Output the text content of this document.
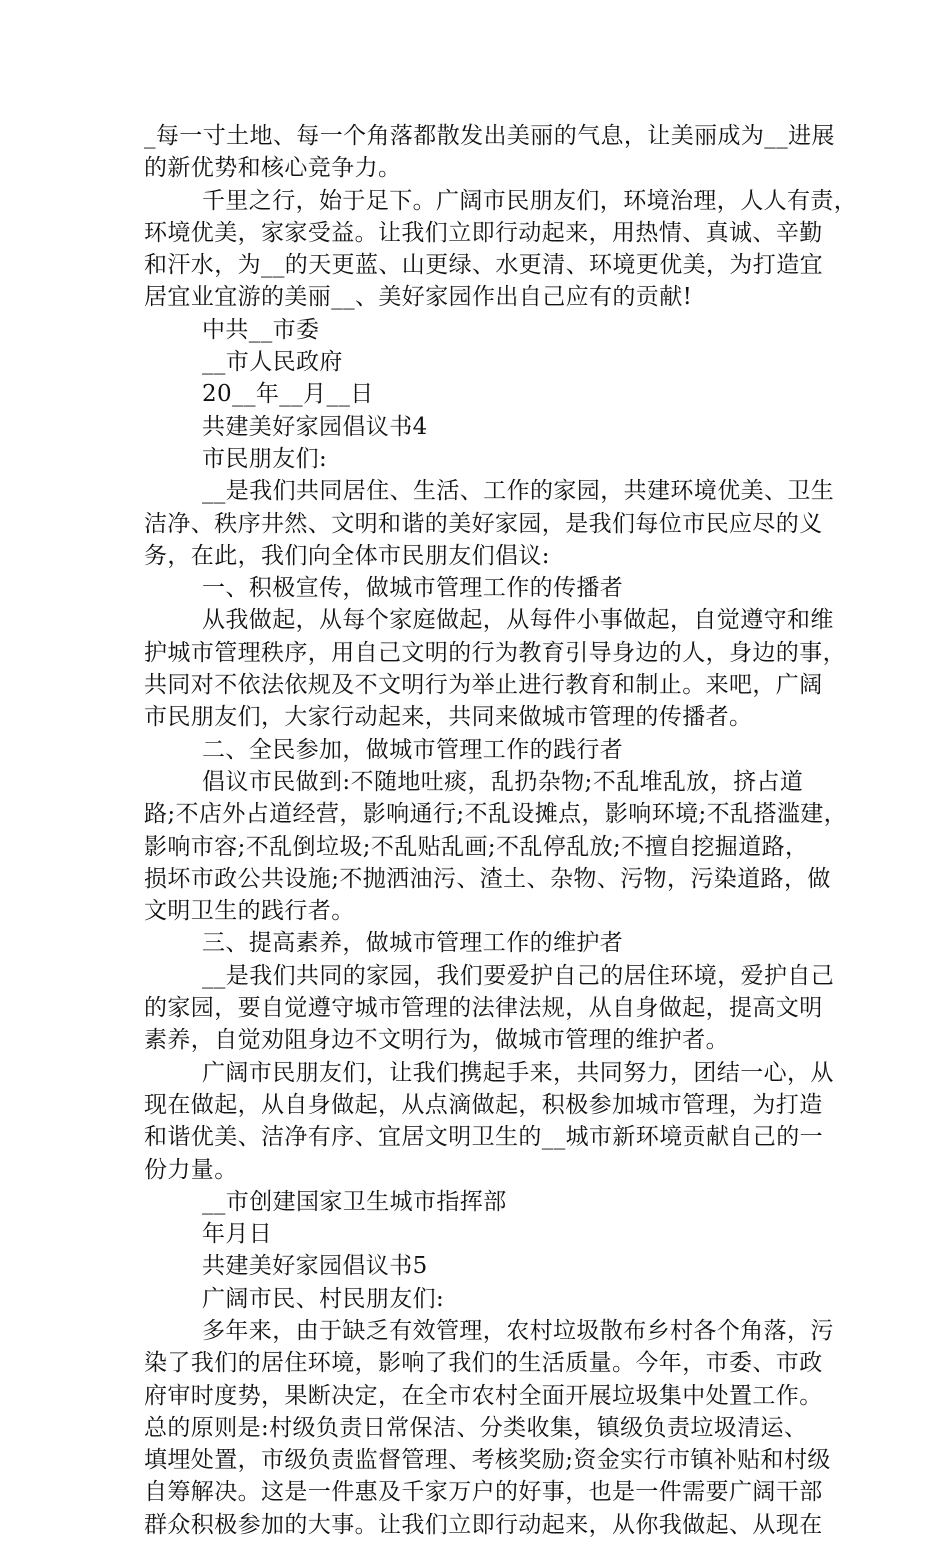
_每一寸土地、每一个角落都散发出美丽的气息，让美丽成为__进展
的新优势和核心竞争力。
千里之行，始于足下。广阔市民朋友们，环境治理，人人有责，
环境优美，家家受益。让我们立即行动起来，用热情、真诚、辛勤
和汗水，为__的天更蓝、山更绿、水更清、环境更优美，为打造宜
居宜业宜游的美丽__、美好家园作出自己应有的贡献!
中共__市委
__市人民政府
20__年__月__日
共建美好家园倡议书4
市民朋友们:
__是我们共同居住、生活、工作的家园，共建环境优美、卫生
洁净、秩序井然、文明和谐的美好家园，是我们每位市民应尽的义
务，在此，我们向全体市民朋友们倡议:
一、积极宣传，做城市管理工作的传播者
从我做起，从每个家庭做起，从每件小事做起，自觉遵守和维
护城市管理秩序，用自己文明的行为教育引导身边的人，身边的事，
共同对不依法依规及不文明行为举止进行教育和制止。来吧，广阔
市民朋友们，大家行动起来，共同来做城市管理的传播者。
二、全民参加，做城市管理工作的践行者
倡议市民做到:不随地吐痰，乱扔杂物;不乱堆乱放，挤占道
路;不店外占道经营，影响通行;不乱设摊点，影响环境;不乱搭滥建，
影响市容;不乱倒垃圾;不乱贴乱画;不乱停乱放;不擅自挖掘道路，
损坏市政公共设施;不抛洒油污、渣土、杂物、污物，污染道路，做
文明卫生的践行者。
三、提高素养，做城市管理工作的维护者
__是我们共同的家园，我们要爱护自己的居住环境，爱护自己
的家园，要自觉遵守城市管理的法律法规，从自身做起，提高文明
素养，自觉劝阻身边不文明行为，做城市管理的维护者。
广阔市民朋友们，让我们携起手来，共同努力，团结一心，从
现在做起，从自身做起，从点滴做起，积极参加城市管理，为打造
和谐优美、洁净有序、宜居文明卫生的__城市新环境贡献自己的一
份力量。
__市创建国家卫生城市指挥部
年月日
共建美好家园倡议书5
广阔市民、村民朋友们:
多年来，由于缺乏有效管理，农村垃圾散布乡村各个角落，污
染了我们的居住环境，影响了我们的生活质量。今年，市委、市政
府审时度势，果断决定，在全市农村全面开展垃圾集中处置工作。
总的原则是:村级负责日常保洁、分类收集，镇级负责垃圾清运、
填埋处置，市级负责监督管理、考核奖励;资金实行市镇补贴和村级
自筹解决。这是一件惠及千家万户的好事，也是一件需要广阔干部
群众积极参加的大事。让我们立即行动起来，从你我做起、从现在
